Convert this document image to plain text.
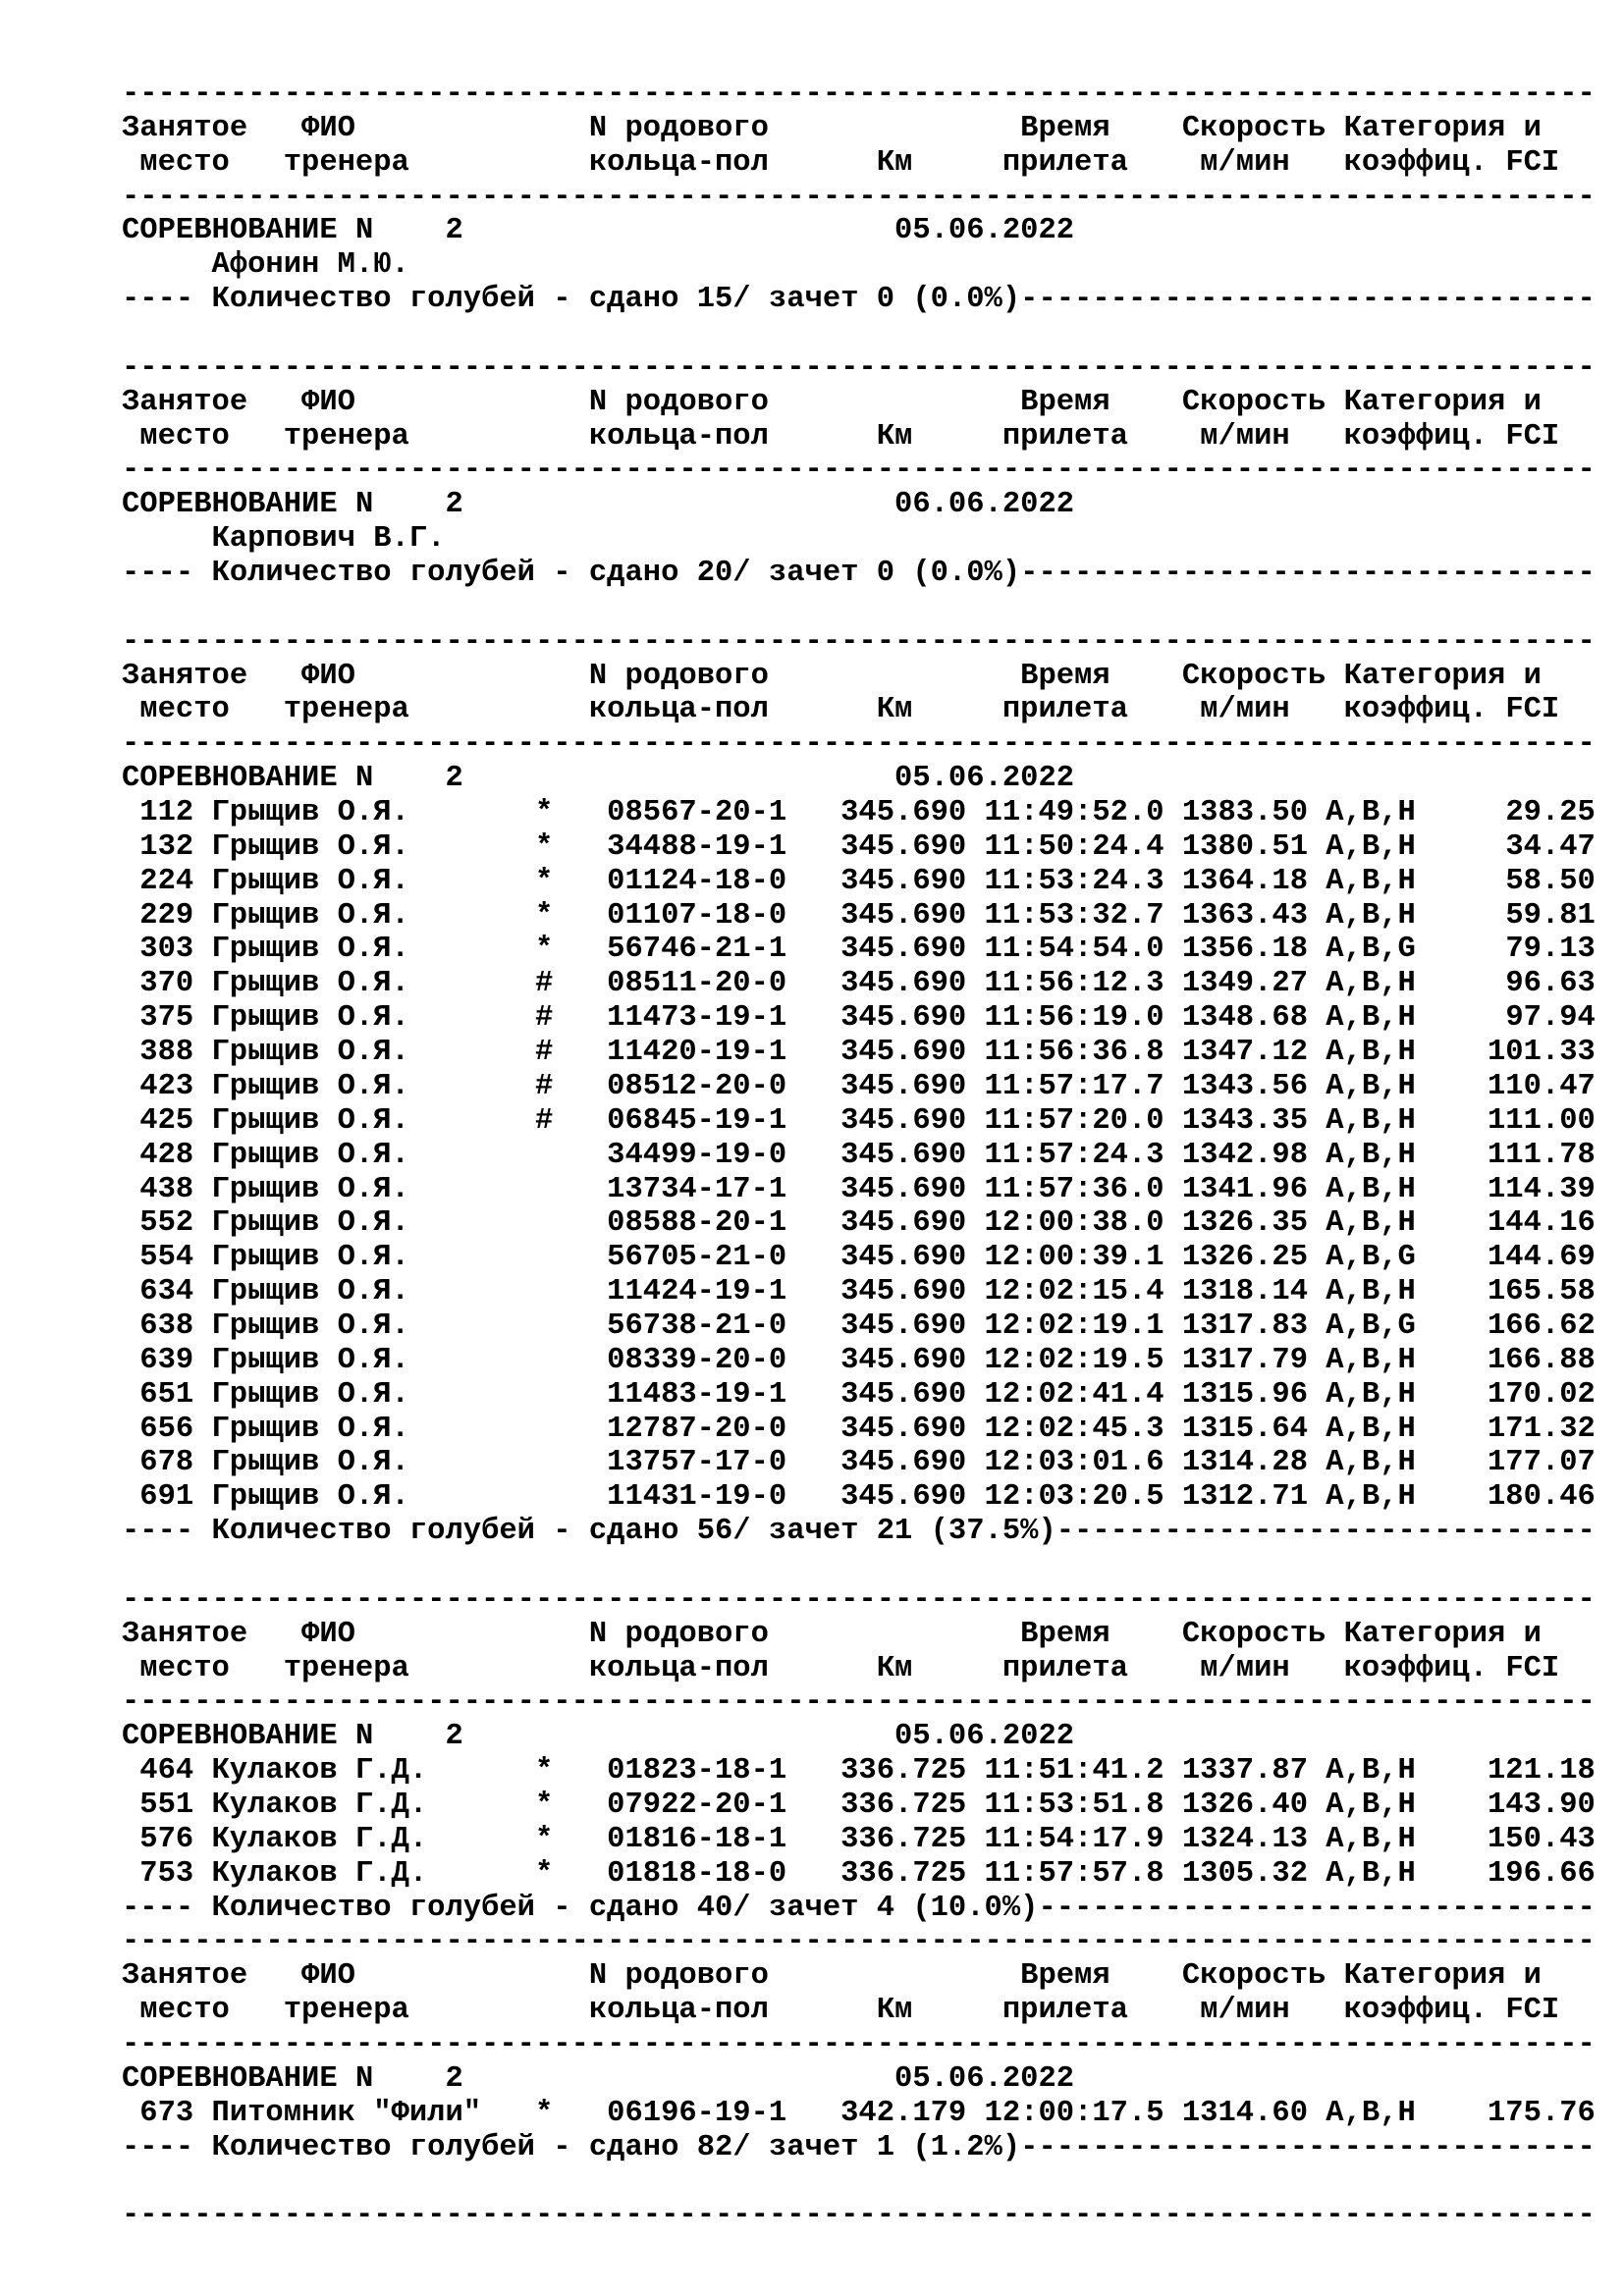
----------------------------------------------------------------------------------
Занятое ФИО	N родового	Время Скорость Категория и
место тренера	кольца-пол	Км	прилета м/мин коэффиц. FCI
----------------------------------------------------------------------------------
СОРЕВНОВАНИЕ N 2	05.06.2022
Афонин М.Ю.
---- Количество голубей - сдано 15/ зачет 0 (0.0%)--------------------------------
----------------------------------------------------------------------------------
Занятое ФИО	N родового	Время Скорость Категория и
место тренера	кольца-пол	Км	прилета м/мин коэффиц. FCI
----------------------------------------------------------------------------------
СОРЕВНОВАНИЕ N 2	06.06.2022
Карпович В.Г.
---- Количество голубей - сдано 20/ зачет 0 (0.0%)--------------------------------
----------------------------------------------------------------------------------
Занятое ФИО	N родового	Время Скорость Категория и
место тренера	кольца-пол	Км	прилета м/мин коэффиц. FCI
----------------------------------------------------------------------------------
СОРЕВНОВАНИЕ N 2	05.06.2022
112 Грыщив О.Я.	* 08567-20-1 345.690 11:49:52.0 1383.50 A,B,H	29.25
132 Грыщив О.Я.	* 34488-19-1 345.690 11:50:24.4 1380.51 A,B,H	34.47
224 Грыщив О.Я.	* 01124-18-0 345.690 11:53:24.3 1364.18 A,B,H	58.50
229 Грыщив О.Я.	* 01107-18-0 345.690 11:53:32.7 1363.43 A,B,H	59.81
303 Грыщив О.Я.	* 56746-21-1 345.690 11:54:54.0 1356.18 A,B,G	79.13
370 Грыщив О.Я.	# 08511-20-0 345.690 11:56:12.3 1349.27 A,B,H	96.63
375 Грыщив О.Я.	# 11473-19-1 345.690 11:56:19.0 1348.68 A,B,H	97.94
388 Грыщив О.Я.	# 11420-19-1 345.690 11:56:36.8 1347.12 A,B,H	101.33
423 Грыщив О.Я.	# 08512-20-0 345.690 11:57:17.7 1343.56 A,B,H	110.47
425 Грыщив О.Я.	# 06845-19-1 345.690 11:57:20.0 1343.35 A,B,H	111.00
428 Грыщив О.Я.	34499-19-0 345.690 11:57:24.3 1342.98 A,B,H	111.78
438 Грыщив О.Я.	13734-17-1 345.690 11:57:36.0 1341.96 A,B,H	114.39
552 Грыщив О.Я.	08588-20-1 345.690 12:00:38.0 1326.35 A,B,H	144.16
554 Грыщив О.Я.	56705-21-0 345.690 12:00:39.1 1326.25 A,B,G	144.69
634 Грыщив О.Я.	11424-19-1 345.690 12:02:15.4 1318.14 A,B,H	165.58
638 Грыщив О.Я.	56738-21-0 345.690 12:02:19.1 1317.83 A,B,G	166.62
639 Грыщив О.Я.	08339-20-0 345.690 12:02:19.5 1317.79 A,B,H	166.88
651 Грыщив О.Я.	11483-19-1 345.690 12:02:41.4 1315.96 A,B,H	170.02
656 Грыщив О.Я.	12787-20-0 345.690 12:02:45.3 1315.64 A,B,H	171.32
678 Грыщив О.Я.	13757-17-0 345.690 12:03:01.6 1314.28 A,B,H	177.07
691 Грыщив О.Я.	11431-19-0 345.690 12:03:20.5 1312.71 A,B,H	180.46
---- Количество голубей - сдано 56/ зачет 21 (37.5%)------------------------------
----------------------------------------------------------------------------------
Занятое ФИО	N родового	Время Скорость Категория и
место тренера	кольца-пол	Км	прилета м/мин коэффиц. FCI
----------------------------------------------------------------------------------
СОРЕВНОВАНИЕ N 2	05.06.2022
464 Кулаков Г.Д.	* 01823-18-1 336.725 11:51:41.2 1337.87 A,B,H	121.18
551 Кулаков Г.Д.	* 07922-20-1 336.725 11:53:51.8 1326.40 A,B,H	143.90
576 Кулаков Г.Д.	* 01816-18-1 336.725 11:54:17.9 1324.13 A,B,H	150.43
753 Кулаков Г.Д.	* 01818-18-0 336.725 11:57:57.8 1305.32 A,B,H	196.66
---- Количество голубей - сдано 40/ зачет 4 (10.0%)-------------------------------
----------------------------------------------------------------------------------
Занятое ФИО	N родового	Время Скорость Категория и
место тренера	кольца-пол	Км	прилета м/мин коэффиц. FCI
----------------------------------------------------------------------------------
СОРЕВНОВАНИЕ N 2	05.06.2022
673 Питомник "Фили" * 06196-19-1 342.179 12:00:17.5 1314.60 A,B,H	175.76
---- Количество голубей - сдано 82/ зачет 1 (1.2%)--------------------------------
----------------------------------------------------------------------------------
